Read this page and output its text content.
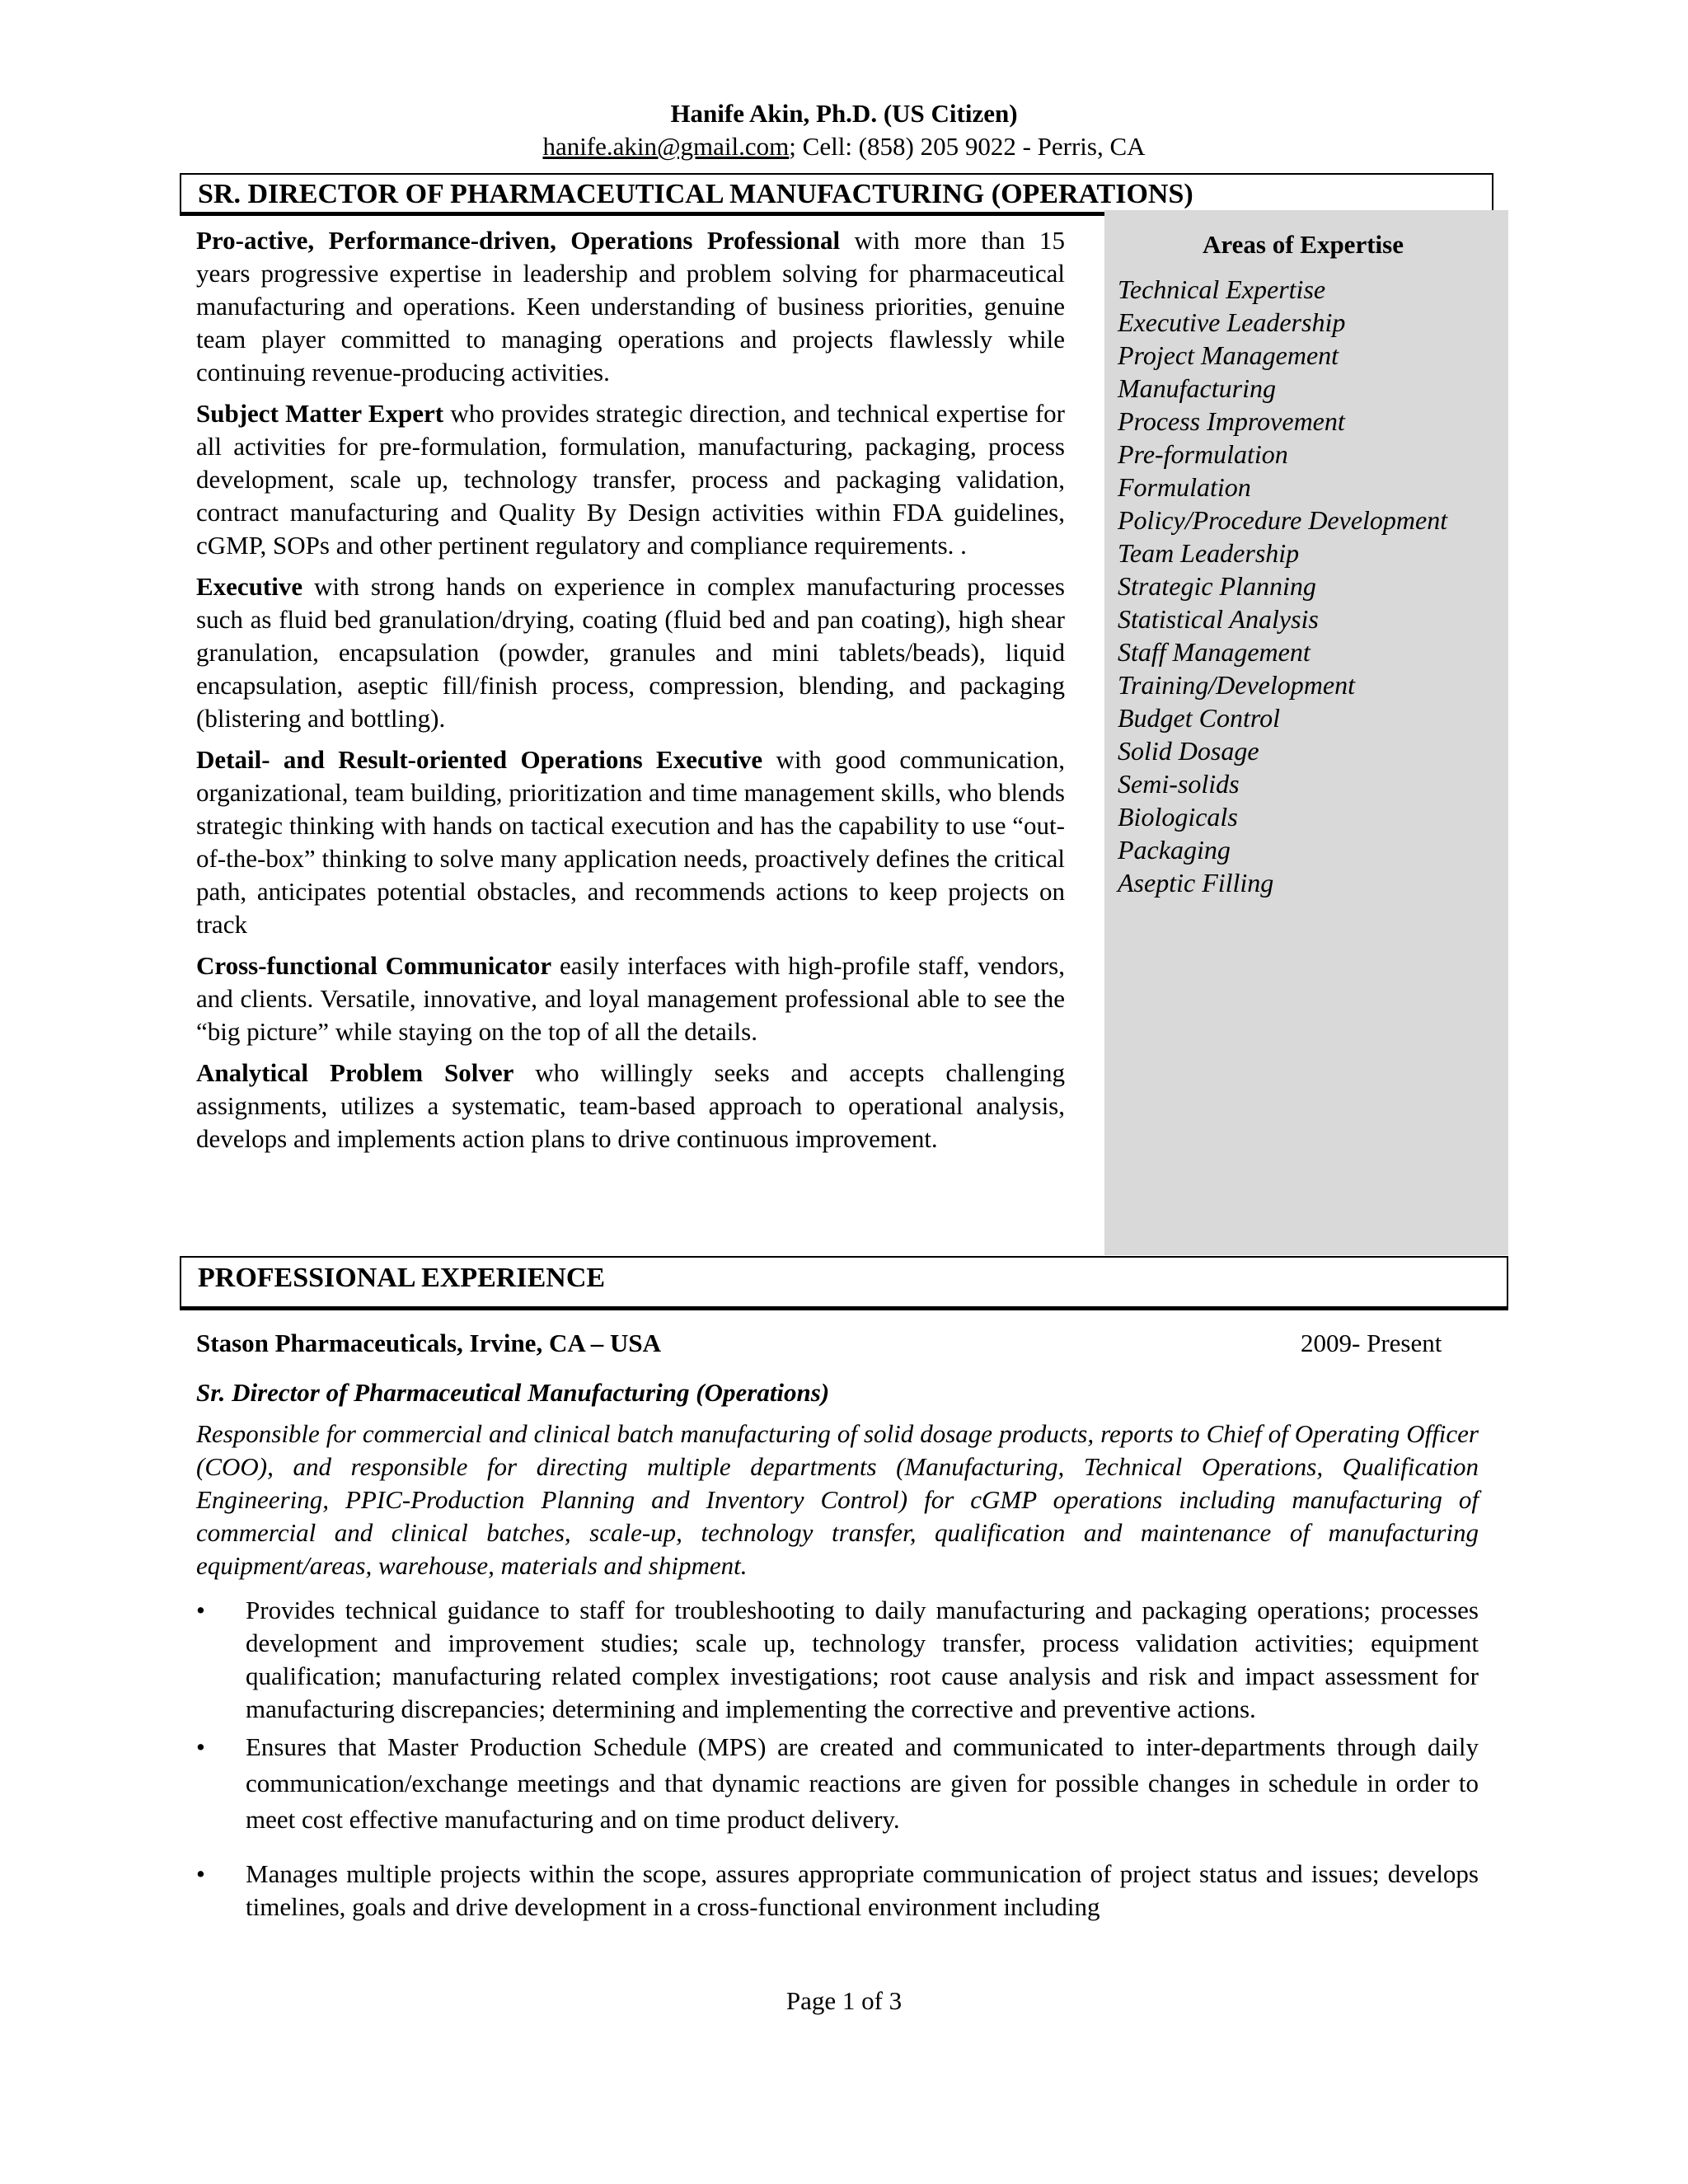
Hanife Akin, Ph.D. (US Citizen)
hanife.akin@gmail.com; Cell: (858) 205 9022 - Perris, CA
SR. DIRECTOR OF PHARMACEUTICAL MANUFACTURING (OPERATIONS)

Pro-active, Performance-driven, Operations Professional with more than 15 years progressive expertise in leadership and problem solving for pharmaceutical manufacturing and operations. Keen understanding of business priorities, genuine team player committed to managing operations and projects flawlessly while continuing revenue-producing activities.

Subject Matter Expert who provides strategic direction, and technical expertise for all activities for pre-formulation, formulation, manufacturing, packaging, process development, scale up, technology transfer, process and packaging validation, contract manufacturing and Quality By Design activities within FDA guidelines, cGMP, SOPs and other pertinent regulatory and compliance requirements. .

Executive with strong hands on experience in complex manufacturing processes such as fluid bed granulation/drying, coating (fluid bed and pan coating), high shear granulation, encapsulation (powder, granules and mini tablets/beads), liquid encapsulation, aseptic fill/finish process, compression, blending, and packaging (blistering and bottling).

Detail- and Result-oriented Operations Executive with good communication, organizational, team building, prioritization and time management skills, who blends strategic thinking with hands on tactical execution and has the capability to use “out-of-the-box” thinking to solve many application needs, proactively defines the critical path, anticipates potential obstacles, and recommends actions to keep projects on track

Cross-functional Communicator easily interfaces with high-profile staff, vendors, and clients. Versatile, innovative, and loyal management professional able to see the “big picture” while staying on the top of all the details.

Analytical Problem Solver who willingly seeks and accepts challenging assignments, utilizes a systematic, team-based approach to operational analysis, develops and implements action plans to drive continuous improvement.

Areas of Expertise
Technical Expertise
Executive Leadership
Project Management
Manufacturing
Process Improvement
Pre-formulation
Formulation
Policy/Procedure Development
Team Leadership
Strategic Planning
Statistical Analysis
Staff Management
Training/Development
Budget Control
Solid Dosage
Semi-solids
Biologicals
Packaging
Aseptic Filling
PROFESSIONAL EXPERIENCE
Stason Pharmaceuticals, Irvine, CA – USA	2009- Present
Sr. Director of Pharmaceutical Manufacturing (Operations)

Responsible for commercial and clinical batch manufacturing of solid dosage products, reports to Chief of Operating Officer (COO), and responsible for directing multiple departments (Manufacturing, Technical Operations, Qualification Engineering, PPIC-Production Planning and Inventory Control) for cGMP operations including manufacturing of commercial and clinical batches, scale-up, technology transfer, qualification and maintenance of manufacturing equipment/areas, warehouse, materials and shipment.

• Provides technical guidance to staff for troubleshooting to daily manufacturing and packaging operations; processes development and improvement studies; scale up, technology transfer, process validation activities; equipment qualification; manufacturing related complex investigations; root cause analysis and risk and impact assessment for manufacturing discrepancies; determining and implementing the corrective and preventive actions.
• Ensures that Master Production Schedule (MPS) are created and communicated to inter-departments through daily communication/exchange meetings and that dynamic reactions are given for possible changes in schedule in order to meet cost effective manufacturing and on time product delivery.
• Manages multiple projects within the scope, assures appropriate communication of project status and issues; develops timelines, goals and drive development in a cross-functional environment including
Page 1 of 3
